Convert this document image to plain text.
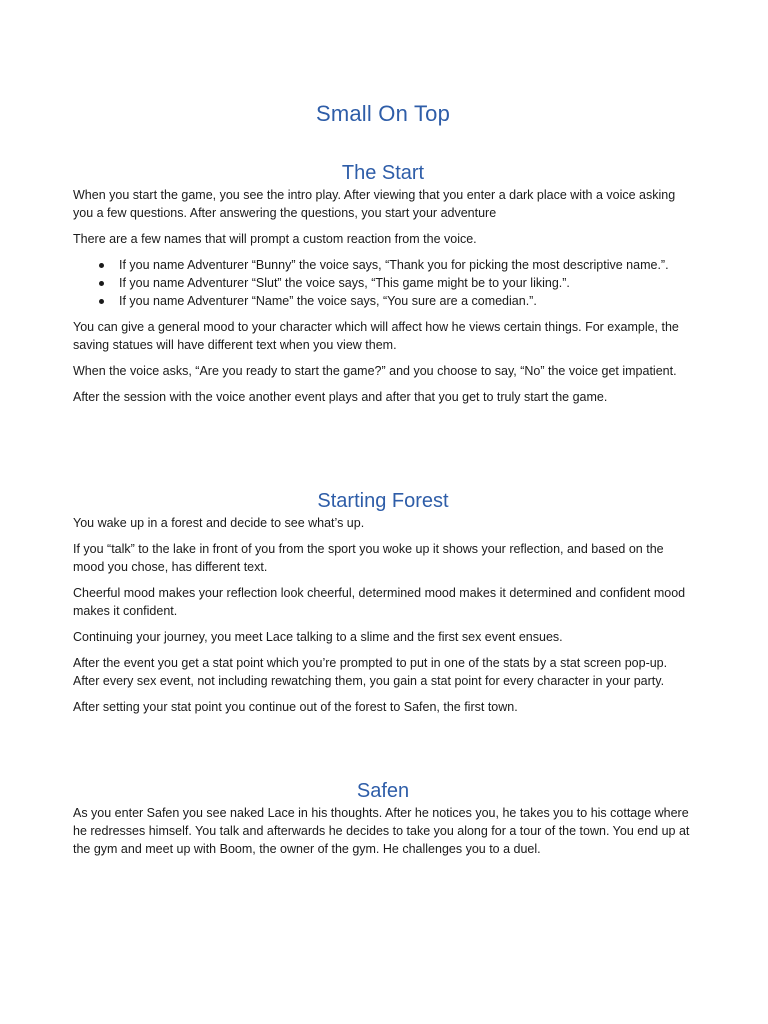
Small On Top
The Start

When you start the game, you see the intro play. After viewing that you enter a dark place with a voice asking you a few questions. After answering the questions, you start your adventure

There are a few names that will prompt a custom reaction from the voice.

If you name Adventurer “Bunny” the voice says, “Thank you for picking the most descriptive name.”.
If you name Adventurer “Slut” the voice says, “This game might be to your liking.”.
If you name Adventurer “Name” the voice says, “You sure are a comedian.”.

You can give a general mood to your character which will affect how he views certain things. For example, the saving statues will have different text when you view them.

When the voice asks, “Are you ready to start the game?” and you choose to say, “No” the voice get impatient.

After the session with the voice another event plays and after that you get to truly start the game.

Starting Forest

You wake up in a forest and decide to see what’s up.

If you “talk” to the lake in front of you from the sport you woke up it shows your reflection, and based on the mood you chose, has different text.

Cheerful mood makes your reflection look cheerful, determined mood makes it determined and confident mood makes it confident.

Continuing your journey, you meet Lace talking to a slime and the first sex event ensues.

After the event you get a stat point which you’re prompted to put in one of the stats by a stat screen pop-up. After every sex event, not including rewatching them, you gain a stat point for every character in your party.

After setting your stat point you continue out of the forest to Safen, the first town.

Safen

As you enter Safen you see naked Lace in his thoughts. After he notices you, he takes you to his cottage where he redresses himself. You talk and afterwards he decides to take you along for a tour of the town. You end up at the gym and meet up with Boom, the owner of the gym. He challenges you to a duel.
